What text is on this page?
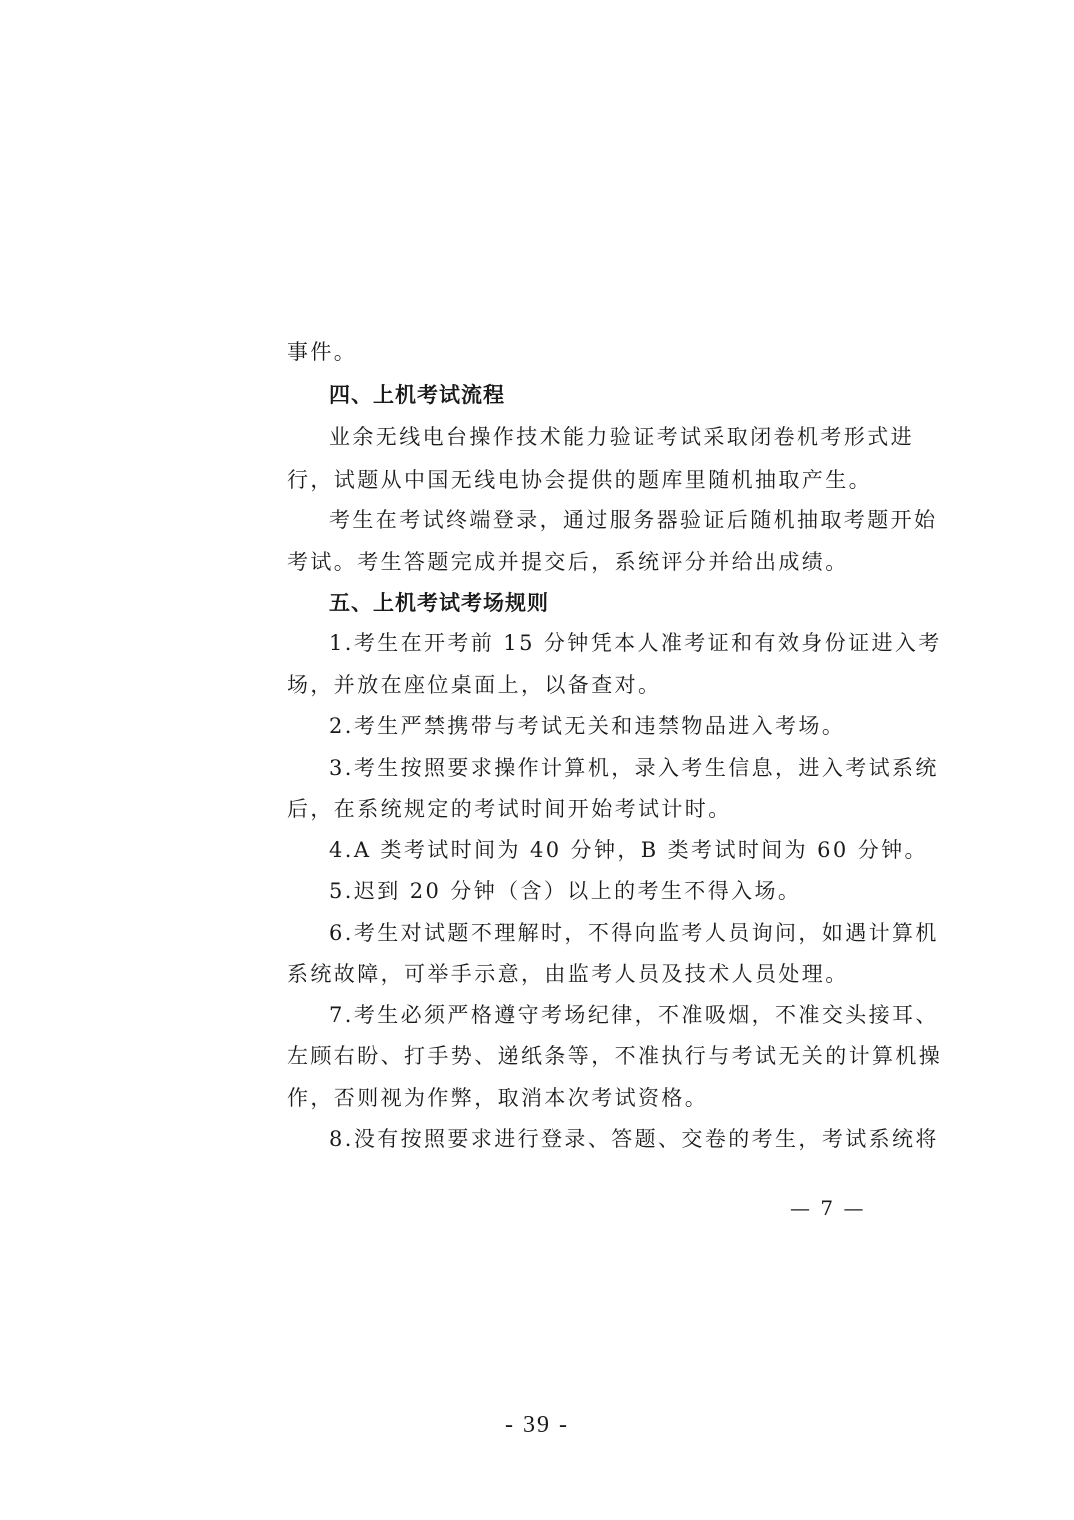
事件。
四、上机考试流程
业余无线电台操作技术能力验证考试采取闭卷机考形式进
行，试题从中国无线电协会提供的题库里随机抽取产生。
考生在考试终端登录，通过服务器验证后随机抽取考题开始
考试。考生答题完成并提交后，系统评分并给出成绩。
五、上机考试考场规则
1.考生在开考前 15 分钟凭本人准考证和有效身份证进入考
场，并放在座位桌面上，以备查对。
2.考生严禁携带与考试无关和违禁物品进入考场。
3.考生按照要求操作计算机，录入考生信息，进入考试系统
后，在系统规定的考试时间开始考试计时。
4.A 类考试时间为 40 分钟，B 类考试时间为 60 分钟。
5.迟到 20 分钟（含）以上的考生不得入场。
6.考生对试题不理解时，不得向监考人员询问，如遇计算机
系统故障，可举手示意，由监考人员及技术人员处理。
7.考生必须严格遵守考场纪律，不准吸烟，不准交头接耳、
左顾右盼、打手势、递纸条等，不准执行与考试无关的计算机操
作，否则视为作弊，取消本次考试资格。
8.没有按照要求进行登录、答题、交卷的考生，考试系统将
— 7 —
- 39 -
